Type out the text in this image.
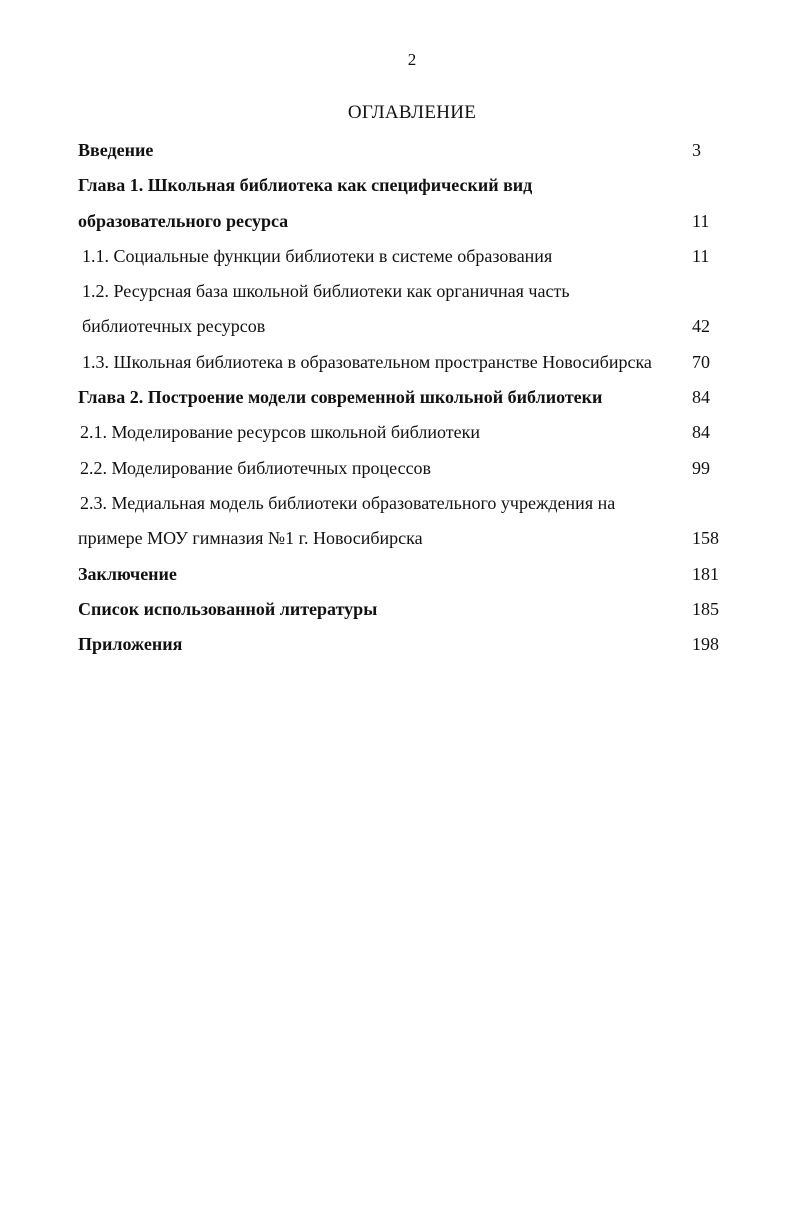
2
ОГЛАВЛЕНИЕ
Введение	3
Глава 1. Школьная библиотека как специфический вид
образовательного ресурса	11
1.1. Социальные функции библиотеки в системе образования	11
1.2. Ресурсная база школьной библиотеки как органичная часть
библиотечных ресурсов	42
1.3. Школьная библиотека в образовательном пространстве Новосибирска 70
Глава 2. Построение модели современной школьной библиотеки	84
2.1. Моделирование ресурсов школьной библиотеки	84
2.2. Моделирование библиотечных процессов	99
2.3. Медиальная модель библиотеки образовательного учреждения на
примере МОУ гимназия №1 г. Новосибирска	158
Заключение	181
Список использованной литературы	185
Приложения	198
